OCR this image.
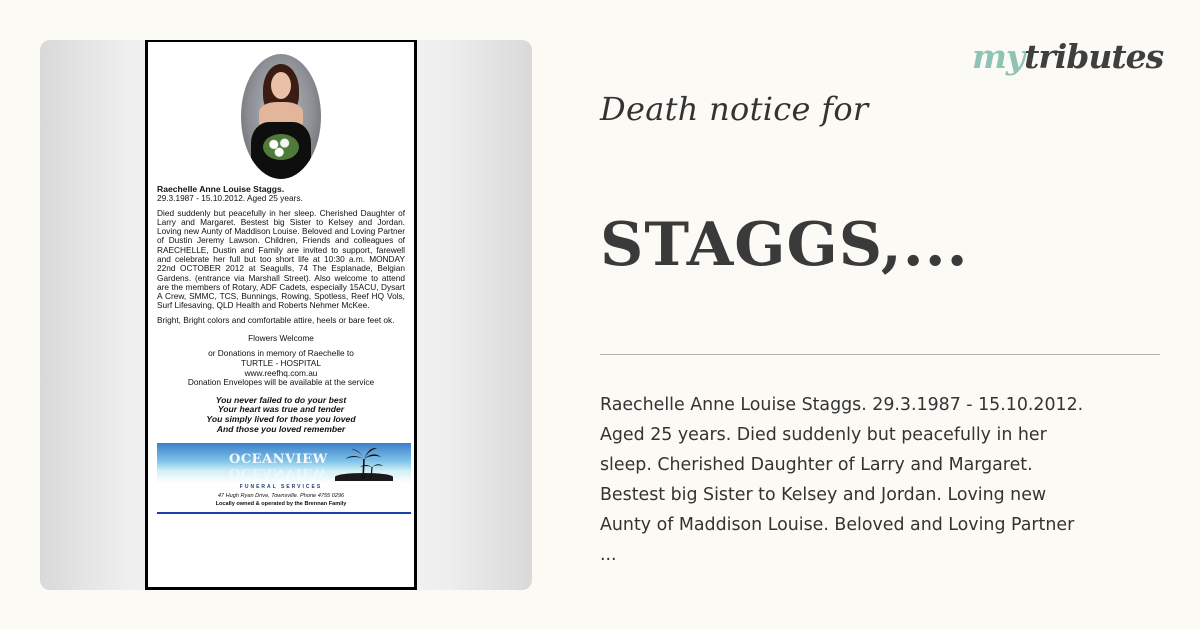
Raechelle Anne Louise Staggs.
29.3.1987 - 15.10.2012. Aged 25 years.
Died suddenly but peacefully in her sleep. Cherished Daughter of Larry and Margaret. Bestest big Sister to Kelsey and Jordan. Loving new Aunty of Maddison Louise. Beloved and Loving Partner of Dustin Jeremy Lawson. Children, Friends and colleagues of RAECHELLE, Dustin and Family are invited to support, farewell and celebrate her full but too short life at 10:30 a.m. MONDAY 22nd OCTOBER 2012 at Seagulls, 74 The Esplanade, Belgian Gardens. (entrance via Marshall Street). Also welcome to attend are the members of Rotary, ADF Cadets, especially 15ACU, Dysart A Crew, SMMC, TCS, Bunnings, Rowing, Spotless, Reef HQ Vols, Surf Lifesaving, QLD Health and Roberts Nehmer McKee.
Bright, Bright colors and comfortable attire, heels or bare feet ok.
Flowers Welcome
or Donations in memory of Raechelle to
TURTLE - HOSPITAL
www.reefhq.com.au
Donation Envelopes will be available at the service
You never failed to do your best
Your heart was true and tender
You simply lived for those you loved
And those you loved remember
OCEANVIEW
OCEANVIEW
FUNERAL SERVICES
47 Hugh Ryan Drive, Townsville. Phone 4755 0296
Locally owned & operated by the Brennan Family
mytributes
Death notice for
STAGGS,...
Raechelle Anne Louise Staggs. 29.3.1987 - 15.10.2012.
Aged 25 years. Died suddenly but peacefully in her
sleep. Cherished Daughter of Larry and Margaret.
Bestest big Sister to Kelsey and Jordan. Loving new
Aunty of Maddison Louise. Beloved and Loving Partner
...
